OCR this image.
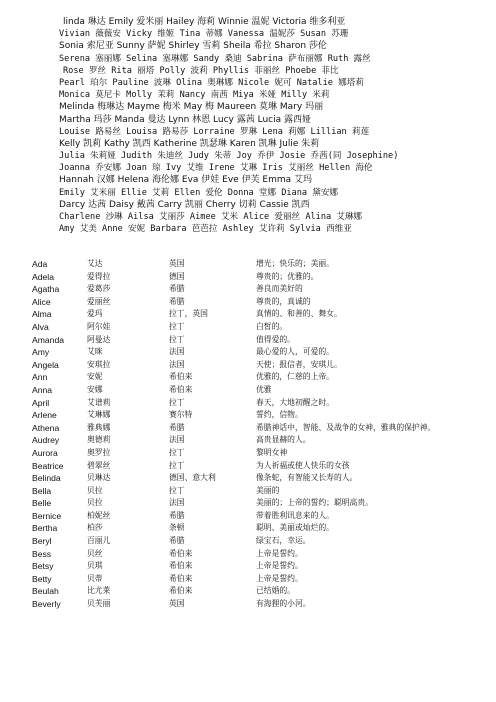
linda 琳达 Emily 爱米丽 Hailey 海莉 Winnie 温妮 Victoria 维多利亚
Vivian 薇薇安 Vicky 维姬 Tina 蒂娜 Vanessa 温妮莎 Susan 苏珊
Sonia 索尼亚 Sunny 萨妮 Shirley 雪莉 Sheila 希拉 Sharon 莎伦
Serena 塞丽娜 Selina 塞琳娜 Sandy 桑迪 Sabrina 萨布丽娜 Ruth 露丝
Rose 罗丝 Rita 丽塔 Polly 波莉 Phyllis 菲丽丝 Phoebe 菲比
Pearl 珀尔 Pauline 波琳 Olina 奥琳娜 Nicole 妮可 Natalie 娜塔莉
Monica 莫尼卡 Molly 茉莉 Nancy 南茜 Miya 米娅 Milly 米莉
Melinda 梅琳达 Mayme 梅米 May 梅 Maureen 莫琳 Mary 玛丽
Martha 玛莎 Manda 曼达 Lynn 林恩 Lucy 露茜 Lucia 露西娅
Louise 路易丝 Louisa 路易莎 Lorraine 罗琳 Lena 莉娜 Lillian 莉莲
Kelly 凯莉 Kathy 凯西 Katherine 凯瑟琳 Karen 凯琳 Julie 朱莉
Julia 朱莉娅 Judith 朱迪丝 Judy 朱蒂 Joy 乔伊 Josie 乔茜(同 Josephine)
Joanna 乔安娜 Joan 琼 Ivy 艾维 Irene 艾琳 Iris 艾丽丝 Hellen 海伦
Hannah 汉娜 Helena 海伦娜 Eva 伊娃 Eve 伊芙 Emma 艾玛
Emily 艾米丽 Ellie 艾莉 Ellen 爱伦 Donna 堂娜 Diana 黛安娜
Darcy 达茜 Daisy 戴茜 Carry 凯丽 Cherry 切莉 Cassie 凯西
Charlene 沙琳 Ailsa 艾丽莎 Aimee 艾米 Alice 爱丽丝 Alina 艾琳娜
Amy 艾美 Anne 安妮 Barbara 芭芭拉 Ashley 艾许莉 Sylvia 西维亚
Ada	艾达	英国	增光；快乐的；美丽。
Adela	爱得拉	德国	尊贵的；优雅的。
Agatha	爱葛莎	希腊	善良而美好的
Alice	爱丽丝	希腊	尊贵的，真诚的
Alma	爱玛	拉丁，英国	真情的、和善的、舞女。
Alva	阿尔娃	拉丁	白皙的。
Amanda	阿曼达	拉丁	值得爱的。
Amy	艾咪	法国	最心爱的人，可爱的。
Angela	安琪拉	法国	天使；报信者，安琪儿。
Ann	安妮	希伯来	优雅的，仁慈的上帝。
Anna	安娜	希伯来	优雅
April	艾谱莉	拉丁	春天，大地初醒之时。
Arlene	艾琳娜	赛尔特	誓约，信物。
Athena	雅典娜	希腊	希腊神话中，智能、及战争的女神，雅典的保护神。
Audrey	奥德莉	法国	高贵显赫的人。
Aurora	奥罗拉	拉丁	黎明女神
Beatrice	碧翠丝	拉丁	为人祈福或使人快乐的女孩
Belinda	贝琳达	德国、意大利	像条蛇，有智能又长寿的人。
Bella	贝拉	拉丁	美丽的
Belle	贝拉	法国	美丽的；上帝的誓约；聪明高贵。
Bernice	柏妮丝	希腊	带着胜利讯息来的人。
Bertha	柏莎	条顿	聪明、美丽或灿烂的。
Beryl	百丽儿	希腊	绿宝石，幸运。
Bess	贝丝	希伯来	上帝是誓约。
Betsy	贝琪	希伯来	上帝是誓约。
Betty	贝蒂	希伯来	上帝是誓约。
Beulah	比尤莱	希伯来	已结婚的。
Beverly	贝芙丽	英国	有海狸的小河。
